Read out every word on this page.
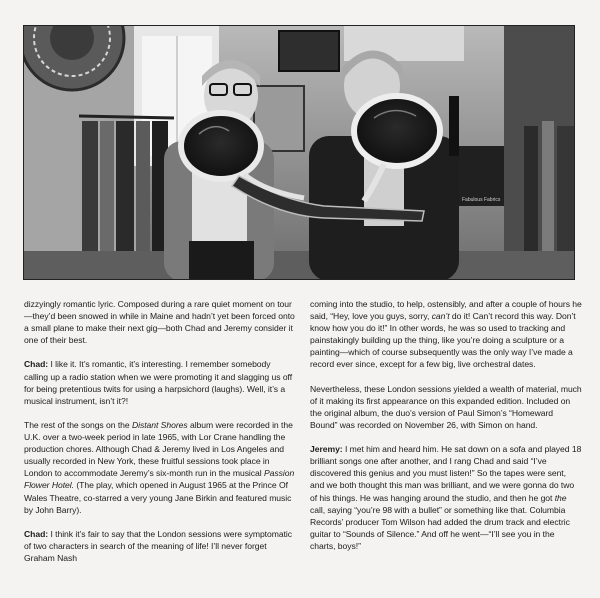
Fabulous Fabrics

dizzyingly romantic lyric. Composed during a rare quiet moment on tour—they’d been snowed in while in Maine and hadn’t yet been forced onto a small plane to make their next gig—both Chad and Jeremy consider it one of their best.

Chad: I like it. It’s romantic, it’s interesting. I remember somebody calling up a radio station when we were promoting it and slagging us off for being pretentious twits for using a harpsichord (laughs). Well, it’s a musical instrument, isn’t it?!

The rest of the songs on the Distant Shores album were recorded in the U.K. over a two-week period in late 1965, with Lor Crane handling the production chores. Although Chad & Jeremy lived in Los Angeles and usually recorded in New York, these fruitful sessions took place in London to accommodate Jeremy’s six-month run in the musical Passion Flower Hotel. (The play, which opened in August 1965 at the Prince Of Wales Theatre, co-starred a very young Jane Birkin and featured music by John Barry).

Chad: I think it’s fair to say that the London sessions were symptomatic of two characters in search of the meaning of life! I’ll never forget Graham Nash

coming into the studio, to help, ostensibly, and after a couple of hours he said, “Hey, love you guys, sorry, can’t do it! Can’t record this way. Don’t know how you do it!” In other words, he was so used to tracking and painstakingly building up the thing, like you’re doing a sculpture or a painting—which of course subsequently was the only way I’ve made a record ever since, except for a few big, live orchestral dates.

Nevertheless, these London sessions yielded a wealth of material, much of it making its first appearance on this expanded edition. Included on the original album, the duo’s version of Paul Simon’s “Homeward Bound” was recorded on November 26, with Simon on hand.

Jeremy: I met him and heard him. He sat down on a sofa and played 18 brilliant songs one after another, and I rang Chad and said “I’ve discovered this genius and you must listen!” So the tapes were sent, and we both thought this man was brilliant, and we were gonna do two of his things. He was hanging around the studio, and then he got the call, saying “you’re 98 with a bullet” or something like that. Columbia Records’ producer Tom Wilson had added the drum track and electric guitar to “Sounds of Silence.” And off he went—“I’ll see you in the charts, boys!”
